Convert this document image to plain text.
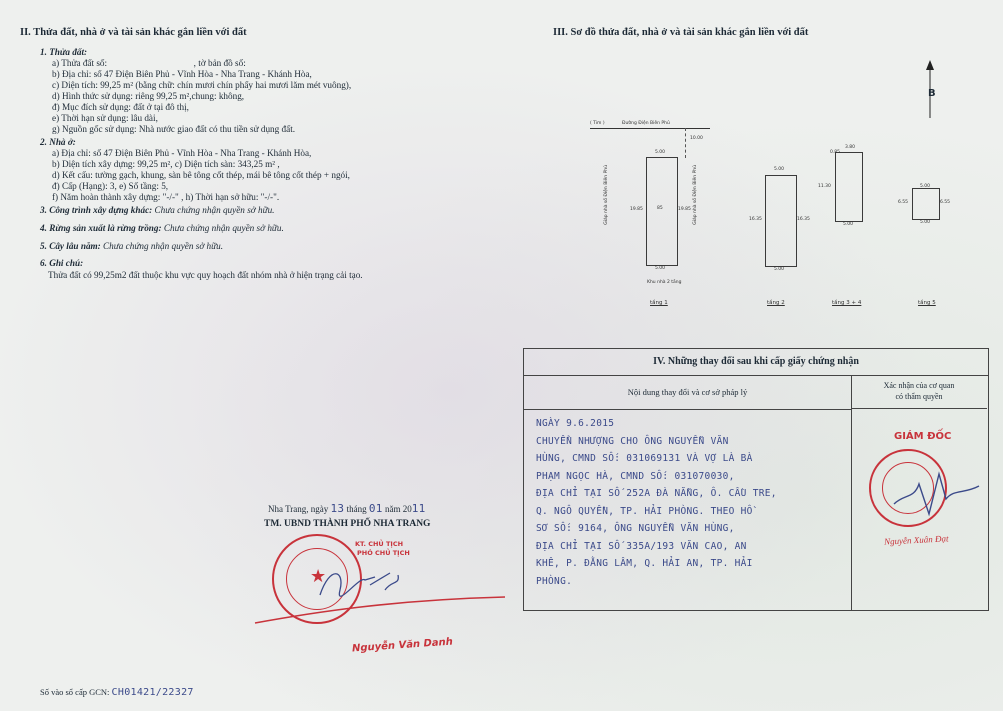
II. Thửa đất, nhà ở và tài sản khác gắn liền với đất
1. Thửa đất:
a) Thửa đất số:	, tờ bản đồ số:
b) Địa chỉ: số 47 Điện Biên Phủ - Vĩnh Hòa - Nha Trang - Khánh Hòa,
c) Diện tích: 99,25 m² (bằng chữ: chín mươi chín phẩy hai mươi lăm mét vuông),
d) Hình thức sử dụng: riêng 99,25 m²,chung: không,
đ) Mục đích sử dụng: đất ở tại đô thị,
e) Thời hạn sử dụng: lâu dài,
g) Nguồn gốc sử dụng: Nhà nước giao đất có thu tiền sử dụng đất.
2. Nhà ở:
a) Địa chỉ: số 47 Điện Biên Phủ - Vĩnh Hòa - Nha Trang - Khánh Hòa,
b) Diện tích xây dựng: 99,25 m², c) Diện tích sàn: 343,25 m² ,
d) Kết cấu: tường gạch, khung, sàn bê tông cốt thép, mái bê tông cốt thép + ngói,
đ) Cấp (Hạng): 3, e) Số tầng: 5,
f) Năm hoàn thành xây dựng: "-/-" , h) Thời hạn sở hữu: "-/-".
3. Công trình xây dựng khác: Chưa chứng nhận quyền sở hữu.
4. Rừng sản xuất là rừng trồng: Chưa chứng nhận quyền sở hữu.
5. Cây lâu năm: Chưa chứng nhận quyền sở hữu.
6. Ghi chú:
Thửa đất có 99,25m2 đất thuộc khu vực quy hoạch đất nhóm nhà ở hiện trạng cải tạo.
Nha Trang, ngày 13 tháng 01 năm 2011
TM. UBND THÀNH PHỐ NHA TRANG
★
KT. CHỦ TỊCH
PHÓ CHỦ TỊCH
Nguyễn Văn Danh
Số vào sổ cấp GCN: CH01421/22327
III. Sơ đồ thửa đất, nhà ở và tài sản khác gắn liền với đất
B
( Tim )	Đường Điện Biên Phủ
10.00
85
5.00
5.00
19.85	19.85
Giáp nhà số Điện Biên Phủ	Giáp nhà số Điện Biên Phủ
Khu nhà 2 tầng
tầng 1
5.00
5.00
16.35	16.35
tầng 2
3.80
0.85
5.00
11.30
tầng 3 + 4
5.00
5.00
6.55	6.55
tầng 5
IV. Những thay đổi sau khi cấp giấy chứng nhận
Nội dung thay đổi và cơ sở pháp lý
Xác nhận của cơ quan
có thẩm quyền
NGÀY 9.6.2015
CHUYỂN NHƯỢNG CHO ÔNG NGUYỄN VĂN
HÙNG, CMND SỐ: 031069131 VÀ VỢ LÀ BÀ
PHẠM NGỌC HÀ, CMND SỐ: 031070030,
ĐỊA CHỈ TẠI SỐ 252A ĐÀ NẴNG, Ô. CẦU TRE,
Q. NGÔ QUYỀN, TP. HẢI PHÒNG. THEO HỒ
SƠ SỐ: 9164, ÔNG NGUYỄN VĂN HÙNG,
ĐỊA CHỈ TẠI SỐ 335A/193 VĂN CAO, AN
KHÊ, P. ĐẰNG LÂM, Q. HẢI AN, TP. HẢI
PHÒNG.
GIÁM ĐỐC
Nguyễn Xuân Đạt
